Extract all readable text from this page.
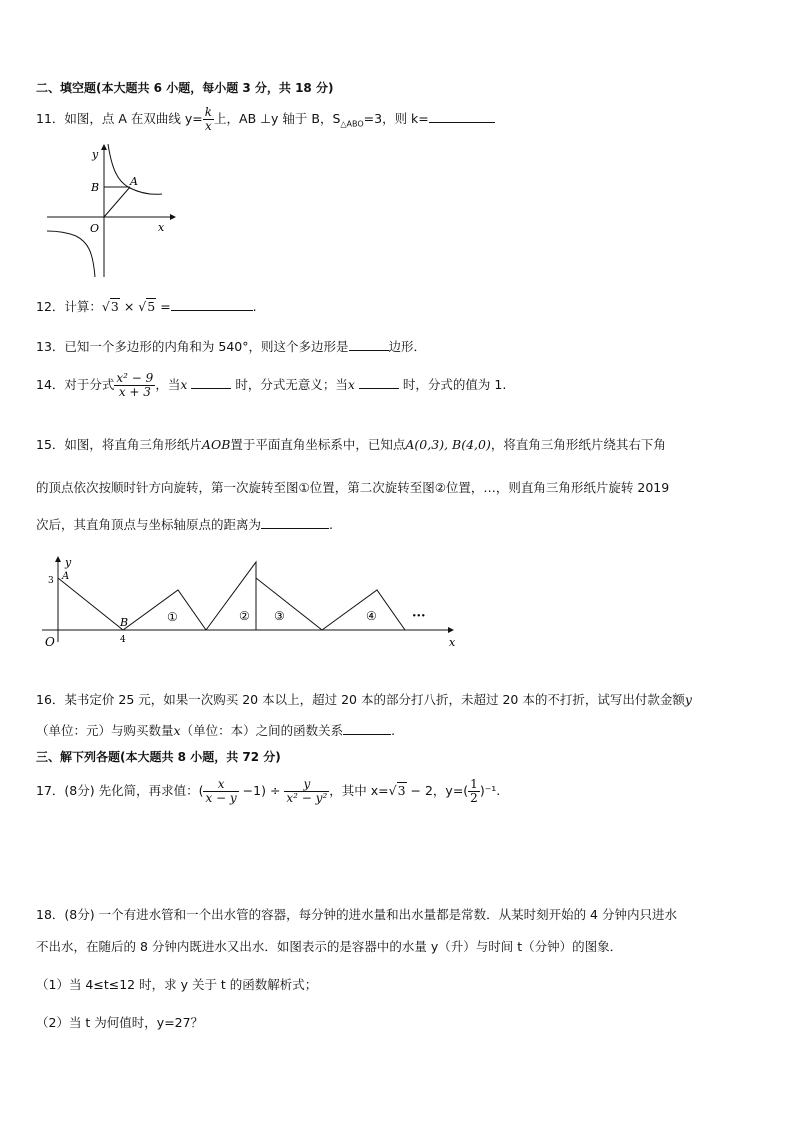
二、填空题(本大题共 6 小题，每小题 3 分，共 18 分)
11．如图，点 A 在双曲线 $y= \frac{k}{x}$ 上，AB ⊥y 轴于 B，$S_{\triangle ABO}=3$，则 k=
y
x
O
B	A
12．计算：√3 × √5 =	.
13．已知一个多边形的内角和为 540°，则这个多边形是	边形．
14．对于分式 $\frac{\text{x² − 9}}{x + 3}$ ，当x	时，分式无意义；当x	时，分式的值为 1.
15．如图，将直角三角形纸片AOB置于平面直角坐标系中，已知点A(0,3), B(4,0)，将直角三角形纸片绕其右下角
的顶点依次按顺时针方向旋转，第一次旋转至图①位置，第二次旋转至图②位置，…，则直角三角形纸片旋转 2019
次后，其直角顶点与坐标轴原点的距离为	.
A
3
B
4
O
y
x
①	② ③	④	···
16．某书定价 25 元，如果一次购买 20 本以上，超过 20 本的部分打八折，未超过 20 本的不打折，试写出付款金额y
（单位：元）与购买数量x（单位：本）之间的函数关系	.
三、解下列各题(本大题共 8 小题，共 72 分)
17．(8分) 先化简，再求值：( $\frac{x}{x - y} -1) \div \frac{y}{\text{x² − y²}}$ ，其中 x=√3 − 2，$y=( \frac{1}{2} )^{-1}$.
18．(8分) 一个有进水管和一个出水管的容器，每分钟的进水量和出水量都是常数．从某时刻开始的 4 分钟内只进水
不出水，在随后的 8 分钟内既进水又出水．如图表示的是容器中的水量 y（升）与时间 t（分钟）的图象．
（1）当 4≤t≤12 时，求 y 关于 t 的函数解析式；
（2）当 t 为何值时，y=27？
